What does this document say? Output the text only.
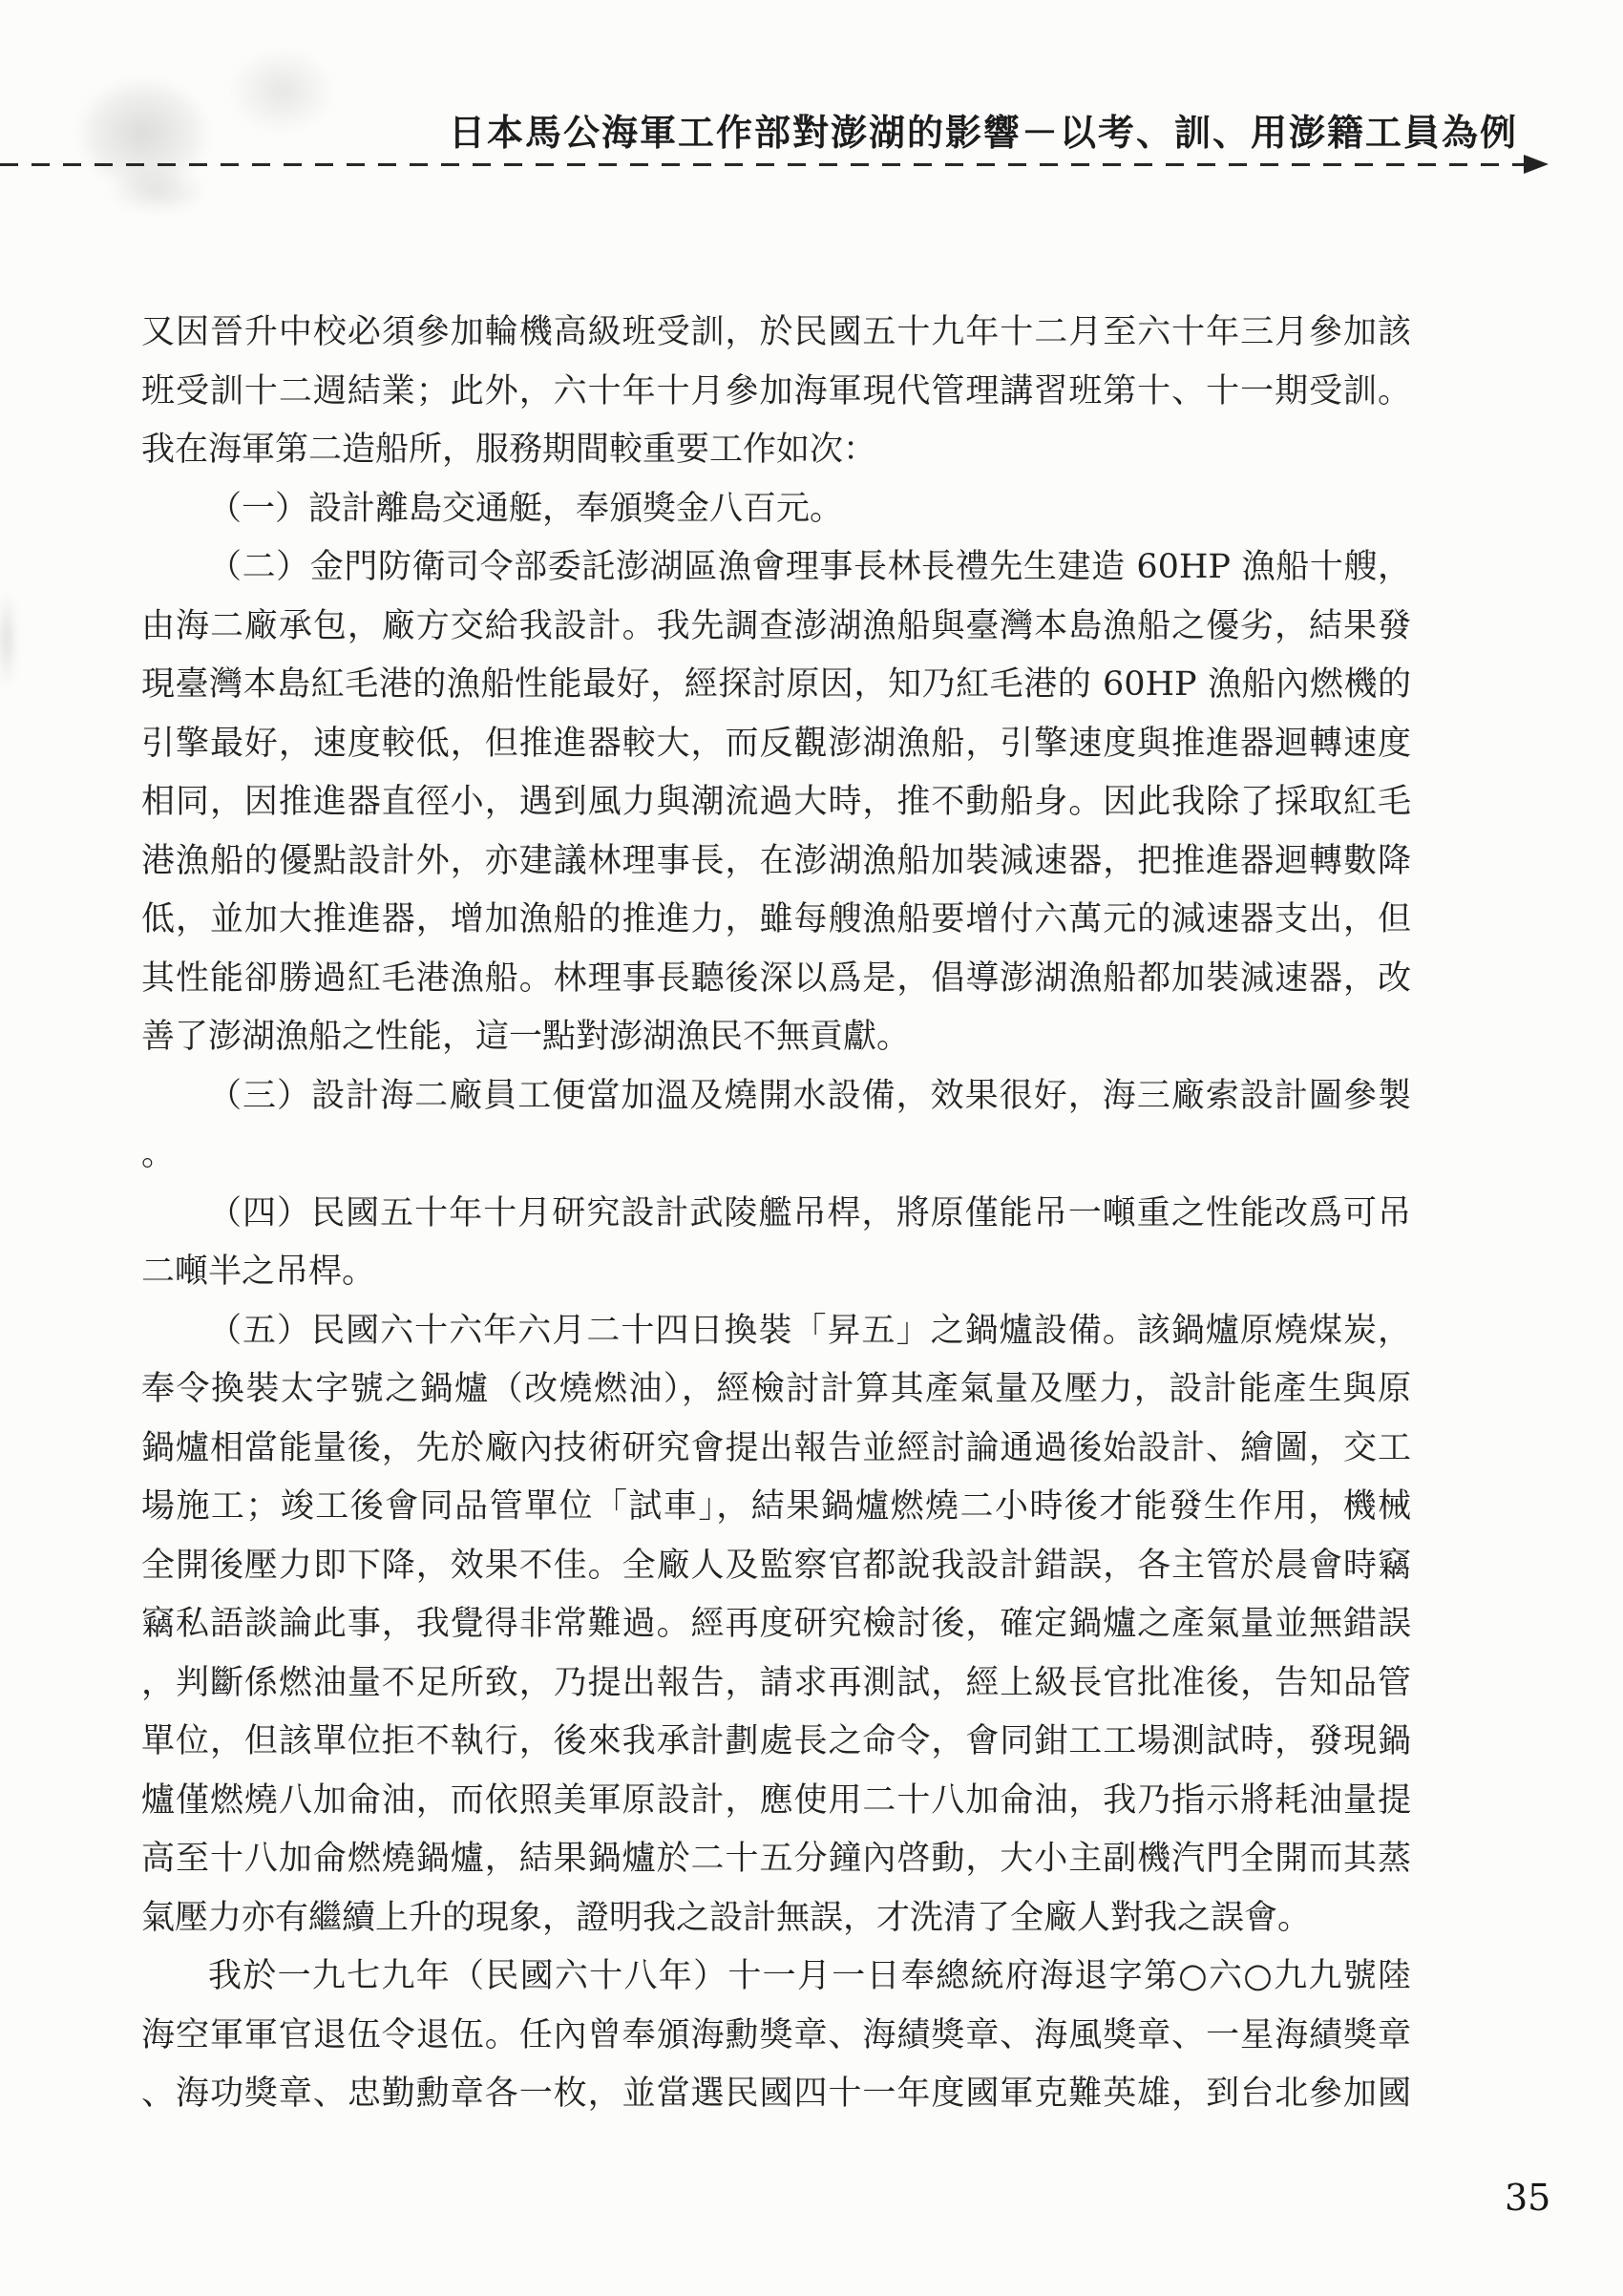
日本馬公海軍工作部對澎湖的影響－以考、訓、用澎籍工員為例
又因晉升中校必須參加輪機高級班受訓，於民國五十九年十二月至六十年三月參加該
班受訓十二週結業；此外，六十年十月參加海軍現代管理講習班第十、十一期受訓。
我在海軍第二造船所，服務期間較重要工作如次：
（一）設計離島交通艇，奉頒獎金八百元。
（二）金門防衛司令部委託澎湖區漁會理事長林長禮先生建造 60HP 漁船十艘，
由海二廠承包，廠方交給我設計。我先調查澎湖漁船與臺灣本島漁船之優劣，結果發
現臺灣本島紅毛港的漁船性能最好，經探討原因，知乃紅毛港的 60HP 漁船內燃機的
引擎最好，速度較低，但推進器較大，而反觀澎湖漁船，引擎速度與推進器迴轉速度
相同，因推進器直徑小，遇到風力與潮流過大時，推不動船身。因此我除了採取紅毛
港漁船的優點設計外，亦建議林理事長，在澎湖漁船加裝減速器，把推進器迴轉數降
低，並加大推進器，增加漁船的推進力，雖每艘漁船要增付六萬元的減速器支出，但
其性能卻勝過紅毛港漁船。林理事長聽後深以爲是，倡導澎湖漁船都加裝減速器，改
善了澎湖漁船之性能，這一點對澎湖漁民不無貢獻。
（三）設計海二廠員工便當加溫及燒開水設備，效果很好，海三廠索設計圖參製
。
（四）民國五十年十月研究設計武陵艦吊桿，將原僅能吊一噸重之性能改爲可吊
二噸半之吊桿。
（五）民國六十六年六月二十四日換裝「昇五」之鍋爐設備。該鍋爐原燒煤炭，
奉令換裝太字號之鍋爐（改燒燃油），經檢討計算其產氣量及壓力，設計能產生與原
鍋爐相當能量後，先於廠內技術研究會提出報告並經討論通過後始設計、繪圖，交工
場施工；竣工後會同品管單位「試車」，結果鍋爐燃燒二小時後才能發生作用，機械
全開後壓力即下降，效果不佳。全廠人及監察官都說我設計錯誤，各主管於晨會時竊
竊私語談論此事，我覺得非常難過。經再度研究檢討後，確定鍋爐之產氣量並無錯誤
，判斷係燃油量不足所致，乃提出報告，請求再測試，經上級長官批准後，告知品管
單位，但該單位拒不執行，後來我承計劃處長之命令，會同鉗工工場測試時，發現鍋
爐僅燃燒八加侖油，而依照美軍原設計，應使用二十八加侖油，我乃指示將耗油量提
高至十八加侖燃燒鍋爐，結果鍋爐於二十五分鐘內啓動，大小主副機汽門全開而其蒸
氣壓力亦有繼續上升的現象，證明我之設計無誤，才洗清了全廠人對我之誤會。
我於一九七九年（民國六十八年）十一月一日奉總統府海退字第○六○九九號陸
海空軍軍官退伍令退伍。任內曾奉頒海勳獎章、海績獎章、海風獎章、一星海績獎章
、海功獎章、忠勤勳章各一枚，並當選民國四十一年度國軍克難英雄，到台北參加國
35
